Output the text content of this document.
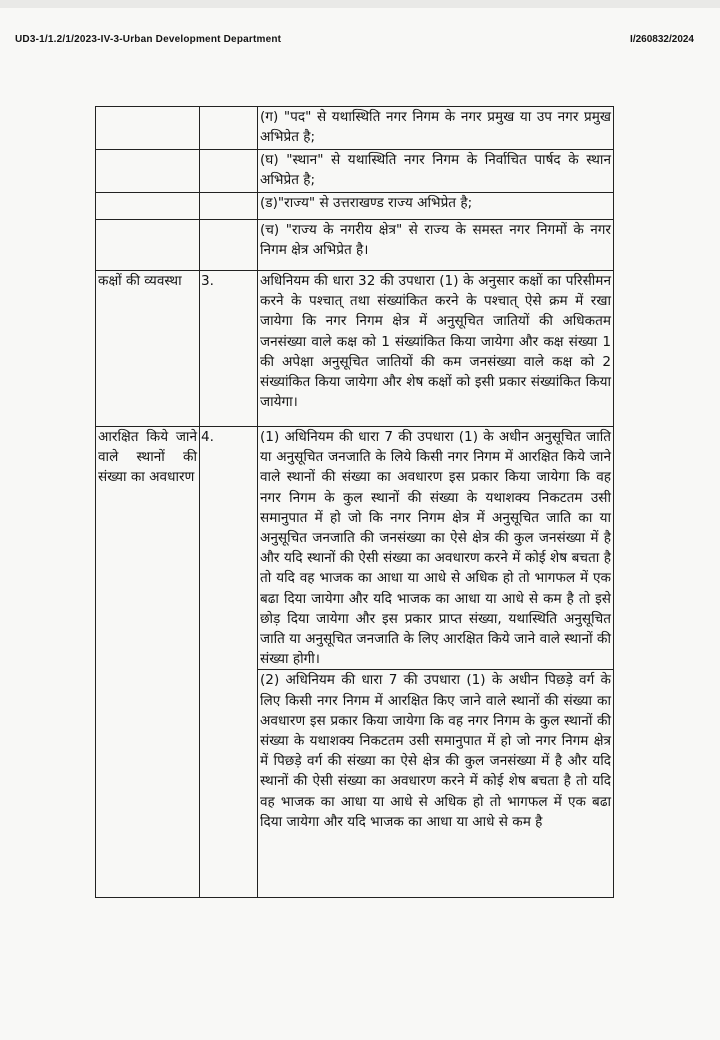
UD3-1/1.2/1/2023-IV-3-Urban Development Department	I/260832/2024
		(ग) "पद" से यथास्थिति नगर निगम के नगर प्रमुख या उप नगर प्रमुख अभिप्रेत है;
		(घ) "स्थान" से यथास्थिति नगर निगम के निर्वाचित पार्षद के स्थान अभिप्रेत है;
		(ड)"राज्य" से उत्तराखण्ड राज्य अभिप्रेत है;
		(च) "राज्य के नगरीय क्षेत्र" से राज्य के समस्त नगर निगमों के नगर निगम क्षेत्र अभिप्रेत है।
कक्षों की व्यवस्था	3.	अधिनियम की धारा 32 की उपधारा (1) के अनुसार कक्षों का परिसीमन करने के पश्चात् तथा संख्यांकित करने के पश्चात् ऐसे क्रम में रखा जायेगा कि नगर निगम क्षेत्र में अनुसूचित जातियों की अधिकतम जनसंख्या वाले कक्ष को 1 संख्यांकित किया जायेगा और कक्ष संख्या 1 की अपेक्षा अनुसूचित जातियों की कम जनसंख्या वाले कक्ष को 2 संख्यांकित किया जायेगा और शेष कक्षों को इसी प्रकार संख्यांकित किया जायेगा।
आरक्षित किये जाने वाले स्थानों की संख्या का अवधारण	4.	(1) अधिनियम की धारा 7 की उपधारा (1) के अधीन अनुसूचित जाति या अनुसूचित जनजाति के लिये किसी नगर निगम में आरक्षित किये जाने वाले स्थानों की संख्या का अवधारण इस प्रकार किया जायेगा कि वह नगर निगम के कुल स्थानों की संख्या के यथाशक्य निकटतम उसी समानुपात में हो जो कि नगर निगम क्षेत्र में अनुसूचित जाति का या अनुसूचित जनजाति की जनसंख्या का ऐसे क्षेत्र की कुल जनसंख्या में है और यदि स्थानों की ऐसी संख्या का अवधारण करने में कोई शेष बचता है तो यदि वह भाजक का आधा या आधे से अधिक हो तो भागफल में एक बढा दिया जायेगा और यदि भाजक का आधा या आधे से कम है तो इसे छोड़ दिया जायेगा और इस प्रकार प्राप्त संख्या, यथास्थिति अनुसूचित जाति या अनुसूचित जनजाति के लिए आरक्षित किये जाने वाले स्थानों की संख्या होगी।
(2) अधिनियम की धारा 7 की उपधारा (1) के अधीन पिछड़े वर्ग के लिए किसी नगर निगम में आरक्षित किए जाने वाले स्थानों की संख्या का अवधारण इस प्रकार किया जायेगा कि वह नगर निगम के कुल स्थानों की संख्या के यथाशक्य निकटतम उसी समानुपात में हो जो नगर निगम क्षेत्र में पिछड़े वर्ग की संख्या का ऐसे क्षेत्र की कुल जनसंख्या में है और यदि स्थानों की ऐसी संख्या का अवधारण करने में कोई शेष बचता है तो यदि वह भाजक का आधा या आधे से अधिक हो तो भागफल में एक बढा दिया जायेगा और यदि भाजक का आधा या आधे से कम है
